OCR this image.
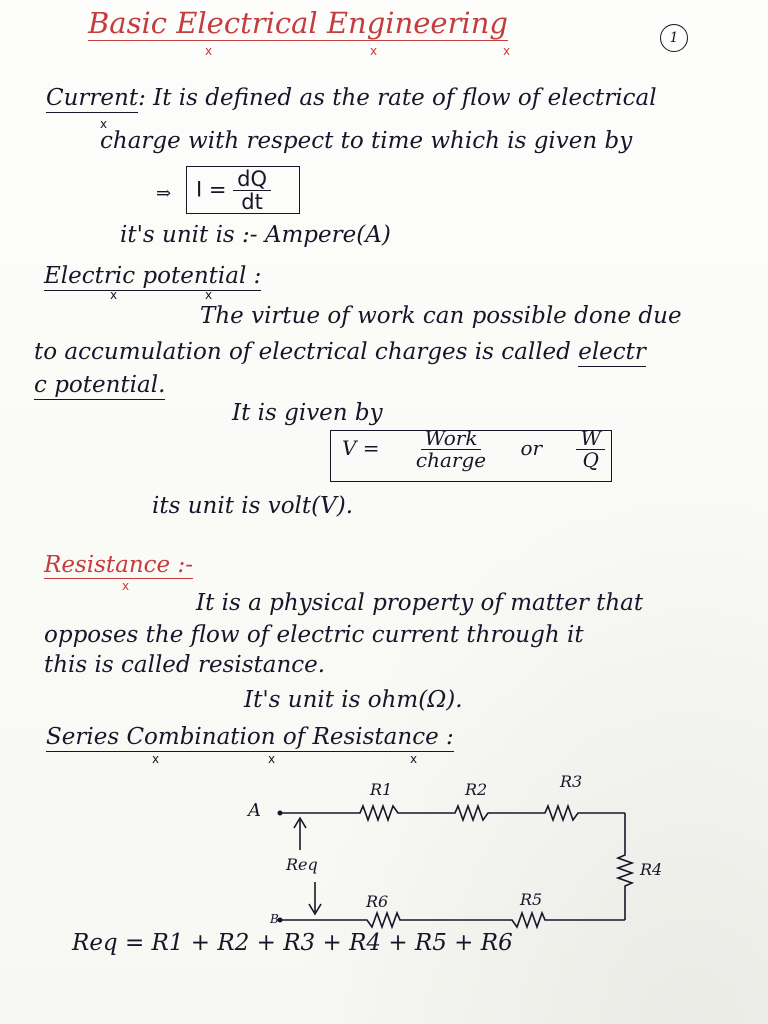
Basic Electrical Engineering
x	x	x
1
Current: It is defined as the rate of flow of electrical
x
charge with respect to time which is given by
⇒ $I = \frac{dQ}{dt}$
it's unit is :- Ampere(A)
Electric potential :
x	x
The virtue of work can possible done due
to accumulation of electrical charges is called electr
c potential.
It is given by
$V = \frac{\text{Work}}{\text{charge}}$ or $\frac{W}{Q}$
its unit is volt(V).
Resistance :-
x
It is a physical property of matter that
opposes the flow of electric current through it
this is called resistance.
It's unit is ohm(Ω).
Series Combination of Resistance :
x	x	x
A
B
R1	R2	R3
R4
R5
R6
Req
Req = R1 + R2 + R3 + R4 + R5 + R6
